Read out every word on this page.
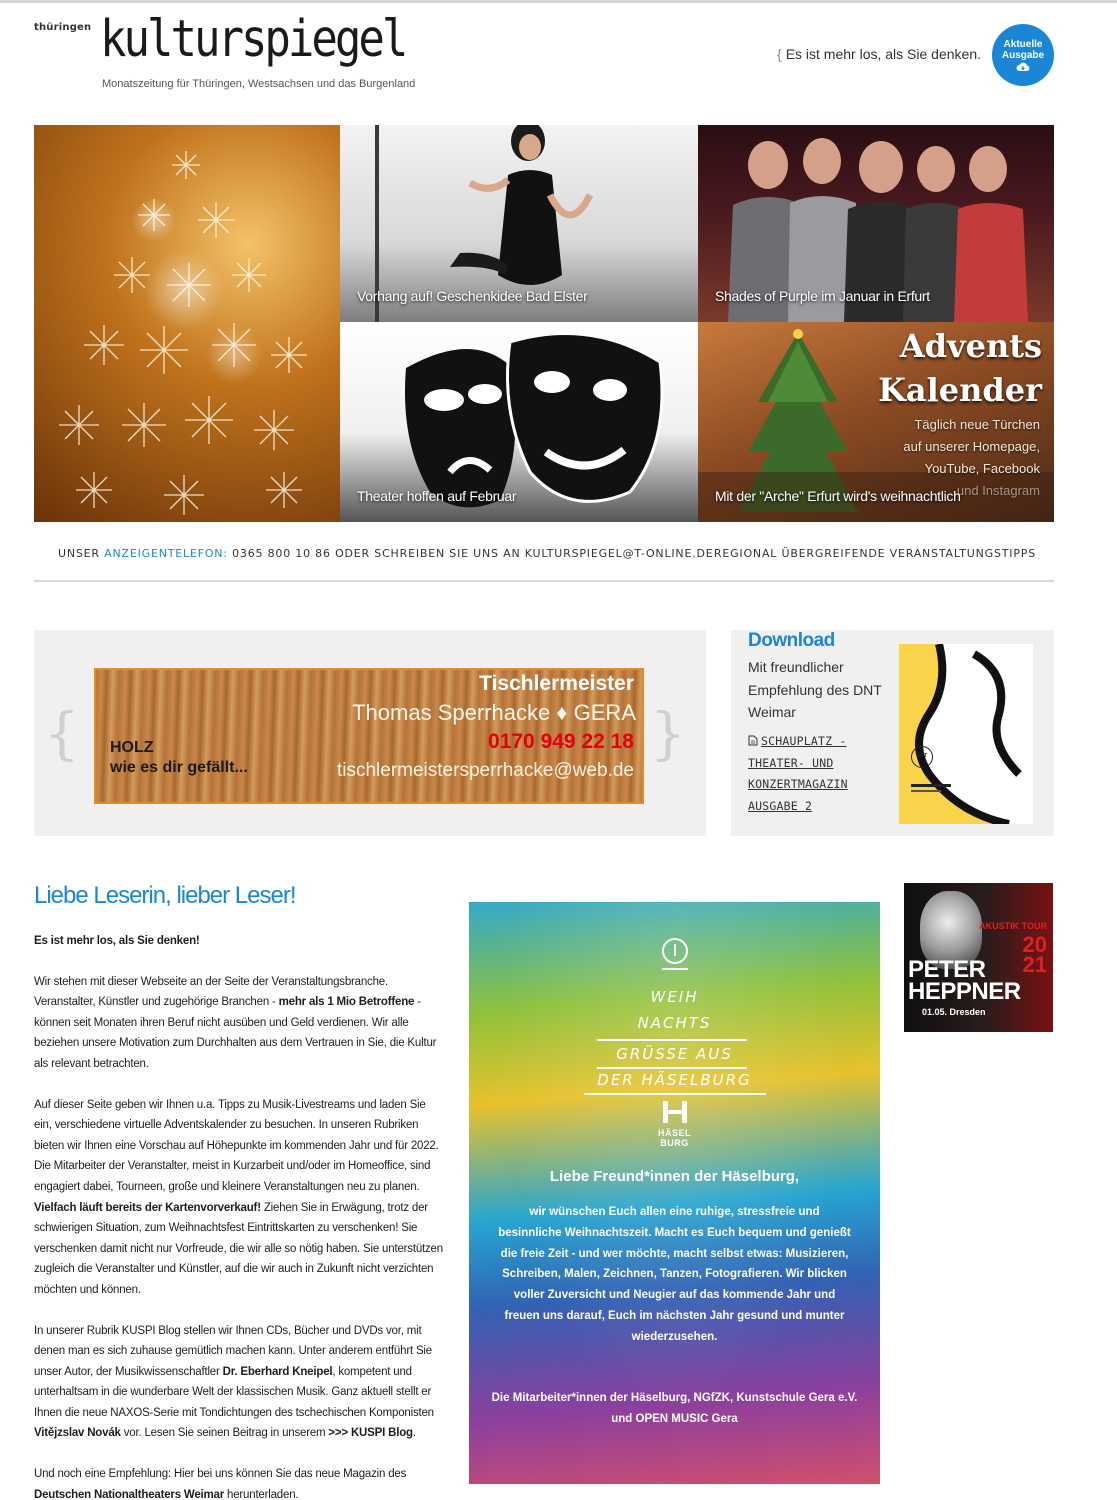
thüringen kulturspiegel
Monatszeitung für Thüringen, Westsachsen und das Burgenland
{ Es ist mehr los, als Sie denken.
Aktuelle
Ausgabe
Vorhang auf! Geschenkidee Bad Elster	Shades of Purple im Januar in Erfurt
Theater hoffen auf Februar
Advents
Kalender
Täglich neue Türchen
auf unserer Homepage,
YouTube, Facebook
und Instagram
Mit der "Arche" Erfurt wird's weihnachtlich
UNSER ANZEIGENTELEFON: 0365 800 10 86 ODER SCHREIBEN SIE UNS AN KULTURSPIEGEL@T-ONLINE.DE REGIONAL ÜBERGREIFENDE VERANSTALTUNGSTIPPS
{
Tischlermeister
Thomas Sperrhacke ♦ GERA
0170 949 22 18
tischlermeistersperrhacke@web.de
HOLZ
wie es dir gefällt...
}
Download
Mit freundlicher Empfehlung des DNT Weimar
SCHAUPLATZ - THEATER- UND KONZERTMAGAZIN AUSGABE 2
DNT
Liebe Leserin, lieber Leser!

Es ist mehr los, als Sie denken!

Wir stehen mit dieser Webseite an der Seite der Veranstaltungsbranche. Veranstalter, Künstler und zugehörige Branchen - mehr als 1 Mio Betroffene - können seit Monaten ihren Beruf nicht ausüben und Geld verdienen. Wir alle beziehen unsere Motivation zum Durchhalten aus dem Vertrauen in Sie, die Kultur als relevant betrachten.

Auf dieser Seite geben wir Ihnen u.a. Tipps zu Musik-Livestreams und laden Sie ein, verschiedene virtuelle Adventskalender zu besuchen. In unseren Rubriken bieten wir Ihnen eine Vorschau auf Höhepunkte im kommenden Jahr und für 2022. Die Mitarbeiter der Veranstalter, meist in Kurzarbeit und/oder im Homeoffice, sind engagiert dabei, Tourneen, große und kleinere Veranstaltungen neu zu planen. Vielfach läuft bereits der Kartenvorverkauf! Ziehen Sie in Erwägung, trotz der schwierigen Situation, zum Weihnachtsfest Eintrittskarten zu verschenken! Sie verschenken damit nicht nur Vorfreude, die wir alle so nötig haben. Sie unterstützen zugleich die Veranstalter und Künstler, auf die wir auch in Zukunft nicht verzichten möchten und können.

In unserer Rubrik KUSPI Blog stellen wir Ihnen CDs, Bücher und DVDs vor, mit denen man es sich zuhause gemütlich machen kann. Unter anderem entführt Sie unser Autor, der Musikwissenschaftler Dr. Eberhard Kneipel, kompetent und unterhaltsam in die wunderbare Welt der klassischen Musik. Ganz aktuell stellt er Ihnen die neue NAXOS-Serie mit Tondichtungen des tschechischen Komponisten Vitějzslav Novák vor. Lesen Sie seinen Beitrag in unserem >>> KUSPI Blog.

Und noch eine Empfehlung: Hier bei uns können Sie das neue Magazin des Deutschen Nationaltheaters Weimar herunterladen.

WEIH
NACHTS
GRÜSSE AUS
DER HÄSELBURG
HÄSEL
BURG
Liebe Freund*innen der Häselburg,
wir wünschen Euch allen eine ruhige, stressfreie und besinnliche Weihnachtszeit. Macht es Euch bequem und genießt die freie Zeit - und wer möchte, macht selbst etwas: Musizieren, Schreiben, Malen, Zeichnen, Tanzen, Fotografieren. Wir blicken voller Zuversicht und Neugier auf das kommende Jahr und freuen uns darauf, Euch im nächsten Jahr gesund und munter wiederzusehen.
Die Mitarbeiter*innen der Häselburg, NGfZK, Kunstschule Gera e.V. und OPEN MUSIC Gera
AKUSTIK TOUR
20
21
PETER
HEPPNER
01.05. Dresden
